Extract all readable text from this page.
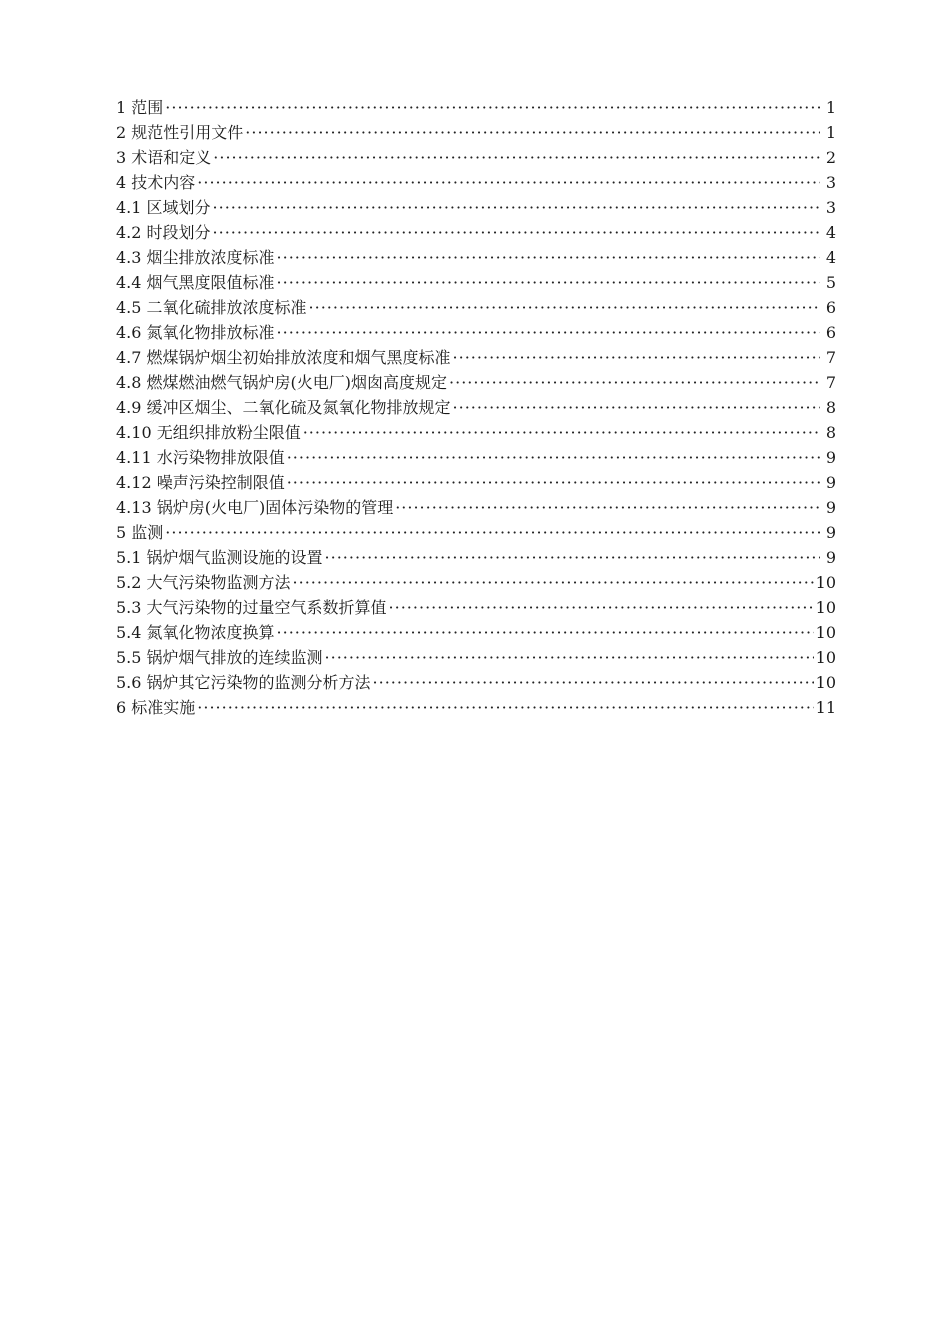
1 范围 ·····	1
2 规范性引用文件 ·····	1
3 术语和定义 ·····	2
4 技术内容 ·····	3
4.1 区域划分 ·····	3
4.2 时段划分 ·····	4
4.3 烟尘排放浓度标准 ·····	4
4.4 烟气黑度限值标准 ·····	5
4.5 二氧化硫排放浓度标准 ·····	6
4.6 氮氧化物排放标准 ·····	6
4.7 燃煤锅炉烟尘初始排放浓度和烟气黑度标准 ·····	7
4.8 燃煤燃油燃气锅炉房(火电厂)烟囱高度规定 ·····	7
4.9 缓冲区烟尘、二氧化硫及氮氧化物排放规定 ·····	8
4.10 无组织排放粉尘限值 ·····	8
4.11 水污染物排放限值 ·····	9
4.12 噪声污染控制限值 ·····	9
4.13 锅炉房(火电厂)固体污染物的管理 ·····	9
5 监测 ·····	9
5.1 锅炉烟气监测设施的设置 ·····	9
5.2 大气污染物监测方法 ·····	10
5.3 大气污染物的过量空气系数折算值 ·····	10
5.4 氮氧化物浓度换算 ·····	10
5.5 锅炉烟气排放的连续监测 ·····	10
5.6 锅炉其它污染物的监测分析方法 ·····	10
6 标准实施 ·····	11
